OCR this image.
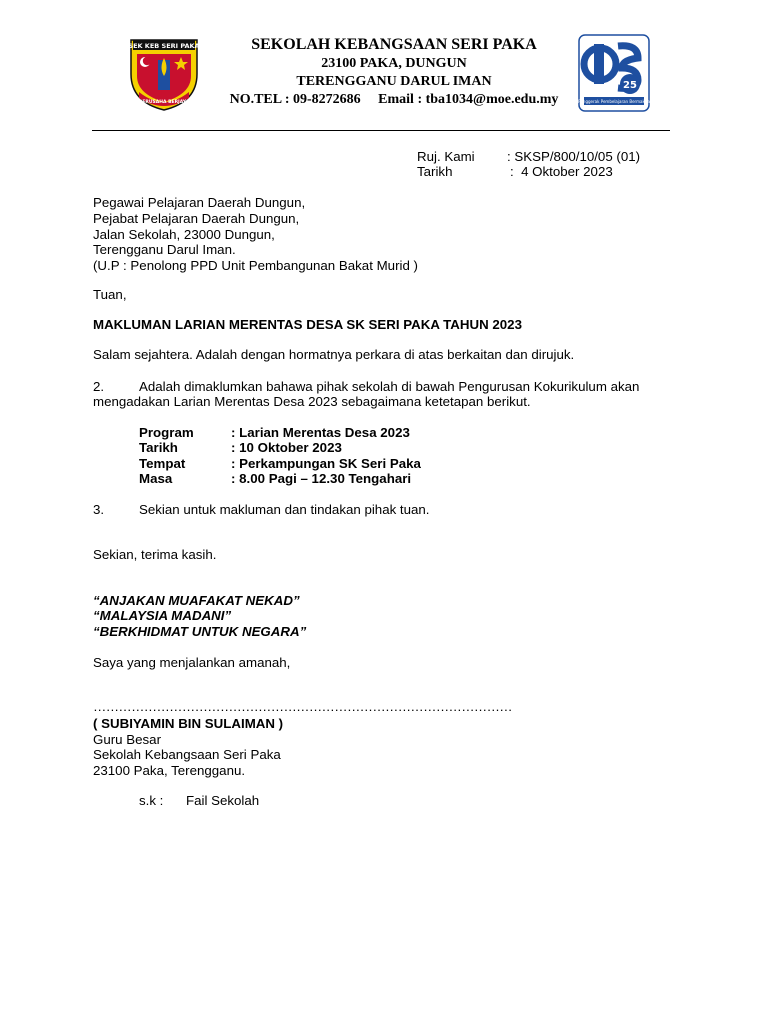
SEK KEB SERI PAKA
BERUSAHA BERJAYA
SEKOLAH KEBANGSAAN SERI PAKA
23100 PAKA, DUNGUN
TERENGGANU DARUL IMAN
NO.TEL : 09-8272686     Email : tba1034@moe.edu.my
25
Penggerak Pembelajaran Bermakna
Ruj. Kami : SKSP/800/10/05 (01)
Tarikh	:  4 Oktober 2023
Pegawai Pelajaran Daerah Dungun,
Pejabat Pelajaran Daerah Dungun,
Jalan Sekolah, 23000 Dungun,
Terengganu Darul Iman.
(U.P : Penolong PPD Unit Pembangunan Bakat Murid )
Tuan,
MAKLUMAN LARIAN MERENTAS DESA SK SERI PAKA TAHUN 2023
Salam sejahtera. Adalah dengan hormatnya perkara di atas berkaitan dan dirujuk.
2.	Adalah dimaklumkan bahawa pihak sekolah di bawah Pengurusan Kokurikulum akan
mengadakan Larian Merentas Desa 2023 sebagaimana ketetapan berikut.
Program	: Larian Merentas Desa 2023
Tarikh	: 10 Oktober 2023
Tempat	: Perkampungan SK Seri Paka
Masa	: 8.00 Pagi – 12.30 Tengahari
3.	Sekian untuk makluman dan tindakan pihak tuan.
Sekian, terima kasih.
“ANJAKAN MUAFAKAT NEKAD”
“MALAYSIA MADANI”
“BERKHIDMAT UNTUK NEGARA”
Saya yang menjalankan amanah,
………………………………………………………………………………………
( SUBIYAMIN BIN SULAIMAN )
Guru Besar
Sekolah Kebangsaan Seri Paka
23100 Paka, Terengganu.
s.k : Fail Sekolah
